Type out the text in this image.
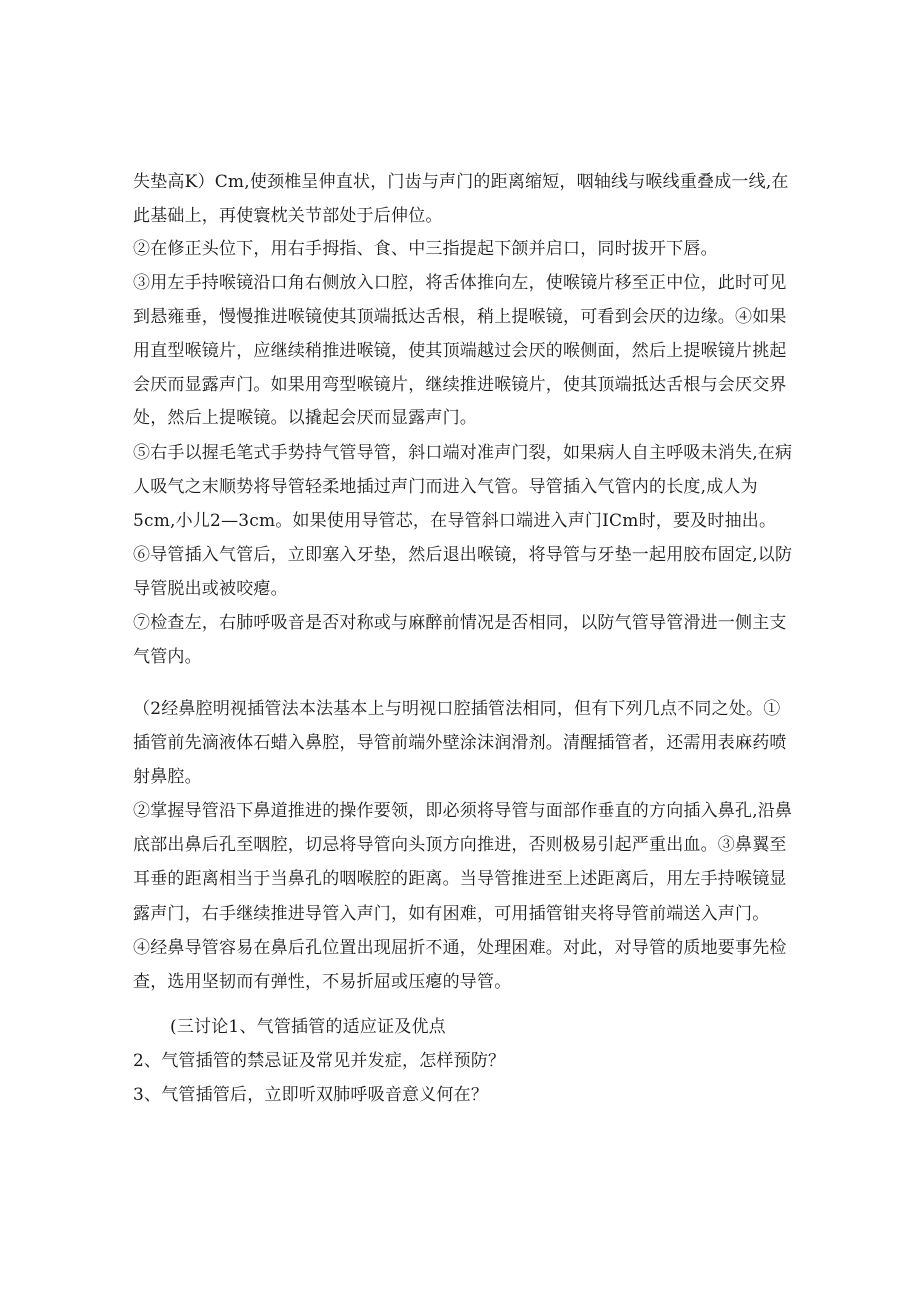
失垫高K）Cm,使颈椎呈伸直状，门齿与声门的距离缩短，咽轴线与喉线重叠成一线,在
此基础上，再使寰枕关节部处于后伸位。
②在修正头位下，用右手拇指、食、中三指提起下颌并启口，同时拔开下唇。
③用左手持喉镜沿口角右侧放入口腔，将舌体推向左，使喉镜片移至正中位，此时可见
到悬雍垂，慢慢推进喉镜使其顶端抵达舌根，稍上提喉镜，可看到会厌的边缘。④如果
用直型喉镜片，应继续稍推进喉镜，使其顶端越过会厌的喉侧面，然后上提喉镜片挑起
会厌而显露声门。如果用弯型喉镜片，继续推进喉镜片，使其顶端抵达舌根与会厌交界
处，然后上提喉镜。以撬起会厌而显露声门。
⑤右手以握毛笔式手势持气管导管，斜口端对准声门裂，如果病人自主呼吸未消失,在病
人吸气之末顺势将导管轻柔地插过声门而进入气管。导管插入气管内的长度,成人为
5cm,小儿2—3cm。如果使用导管芯，在导管斜口端进入声门ICm时，要及时抽出。
⑥导管插入气管后，立即塞入牙垫，然后退出喉镜，将导管与牙垫一起用胶布固定,以防
导管脱出或被咬瘪。
⑦检查左，右肺呼吸音是否对称或与麻醉前情况是否相同，以防气管导管滑进一侧主支
气管内。
（2经鼻腔明视插管法本法基本上与明视口腔插管法相同，但有下列几点不同之处。①
插管前先滴液体石蜡入鼻腔，导管前端外壁涂沫润滑剂。清醒插管者，还需用表麻药喷
射鼻腔。
②掌握导管沿下鼻道推进的操作要领，即必须将导管与面部作垂直的方向插入鼻孔,沿鼻
底部出鼻后孔至咽腔，切忌将导管向头顶方向推进，否则极易引起严重出血。③鼻翼至
耳垂的距离相当于当鼻孔的咽喉腔的距离。当导管推进至上述距离后，用左手持喉镜显
露声门，右手继续推进导管入声门，如有困难，可用插管钳夹将导管前端送入声门。
④经鼻导管容易在鼻后孔位置出现屈折不通，处理困难。对此，对导管的质地要事先检
查，选用坚韧而有弹性，不易折屈或压瘪的导管。
(三讨论1、气管插管的适应证及优点
2、气管插管的禁忌证及常见并发症，怎样预防？
3、气管插管后，立即听双肺呼吸音意义何在？
